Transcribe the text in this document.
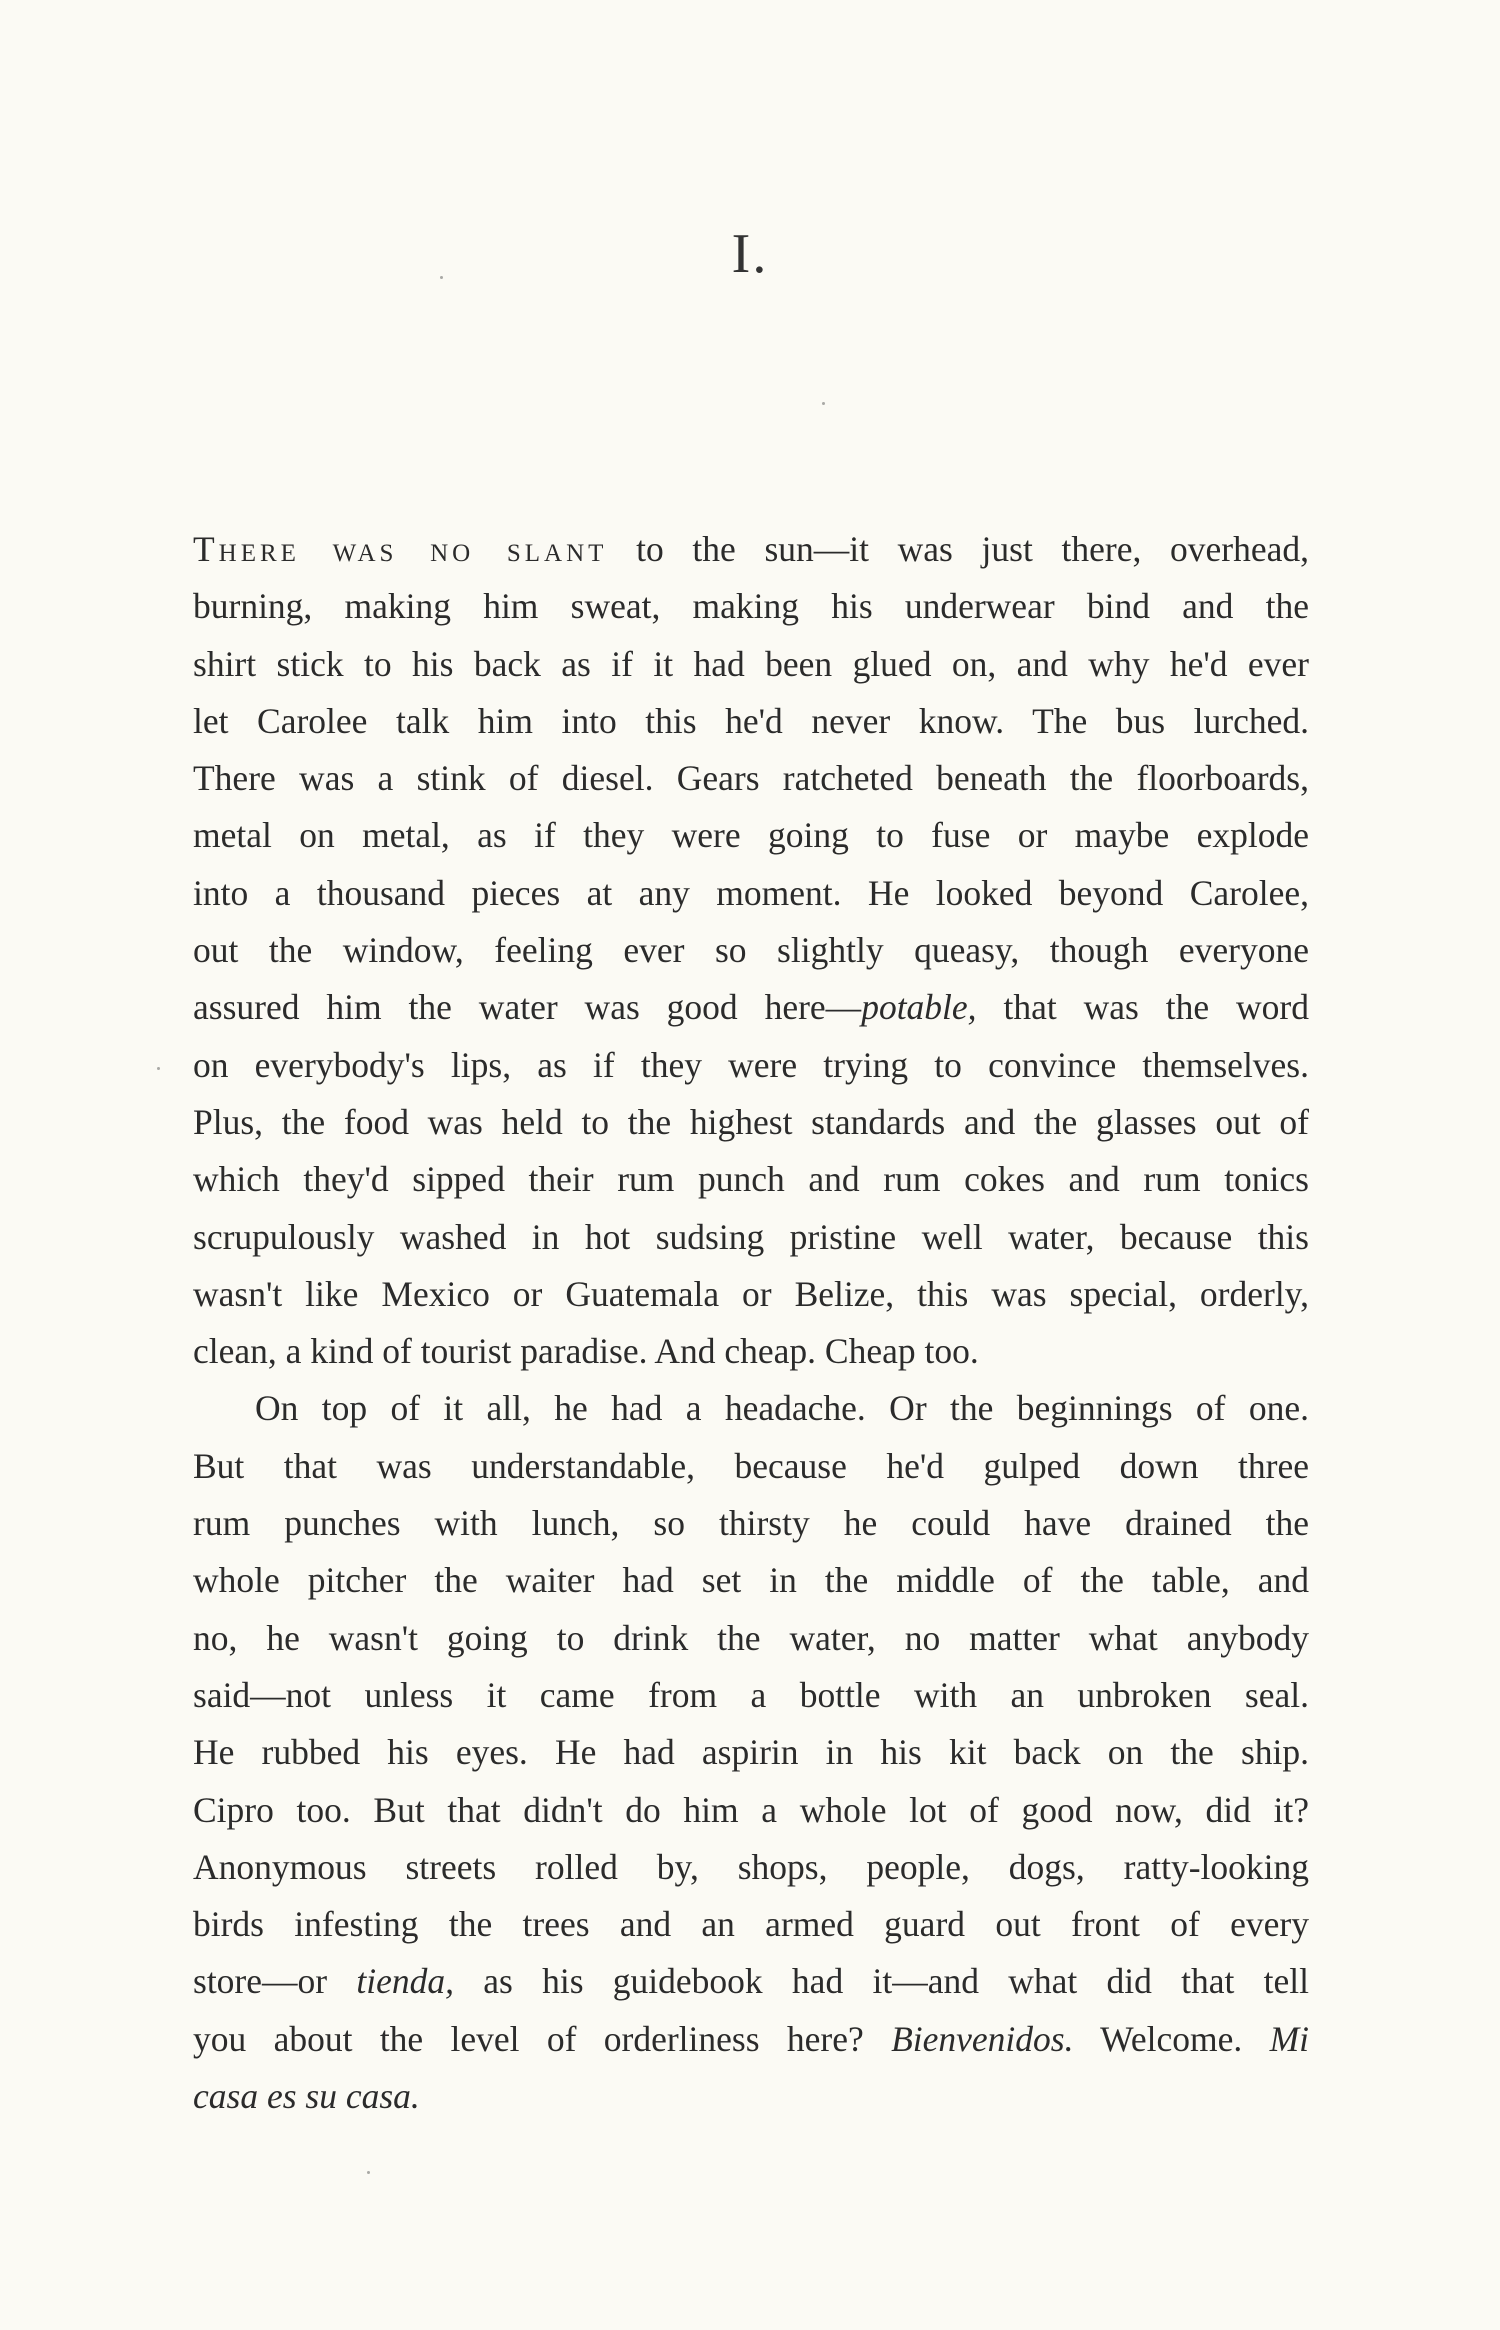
I.

There was no slant to the sun—it was just there, overhead,
burning, making him sweat, making his underwear bind and the
shirt stick to his back as if it had been glued on, and why he'd ever
let Carolee talk him into this he'd never know. The bus lurched.
There was a stink of diesel. Gears ratcheted beneath the floorboards,
metal on metal, as if they were going to fuse or maybe explode
into a thousand pieces at any moment. He looked beyond Carolee,
out the window, feeling ever so slightly queasy, though everyone
assured him the water was good here—potable, that was the word
on everybody's lips, as if they were trying to convince themselves.
Plus, the food was held to the highest standards and the glasses out of
which they'd sipped their rum punch and rum cokes and rum tonics
scrupulously washed in hot sudsing pristine well water, because this
wasn't like Mexico or Guatemala or Belize, this was special, orderly,
clean, a kind of tourist paradise. And cheap. Cheap too.

On top of it all, he had a headache. Or the beginnings of one.
But that was understandable, because he'd gulped down three
rum punches with lunch, so thirsty he could have drained the
whole pitcher the waiter had set in the middle of the table, and
no, he wasn't going to drink the water, no matter what anybody
said—not unless it came from a bottle with an unbroken seal.
He rubbed his eyes. He had aspirin in his kit back on the ship.
Cipro too. But that didn't do him a whole lot of good now, did it?
Anonymous streets rolled by, shops, people, dogs, ratty-looking
birds infesting the trees and an armed guard out front of every
store—or tienda, as his guidebook had it—and what did that tell
you about the level of orderliness here? Bienvenidos. Welcome. Mi
casa es su casa.
